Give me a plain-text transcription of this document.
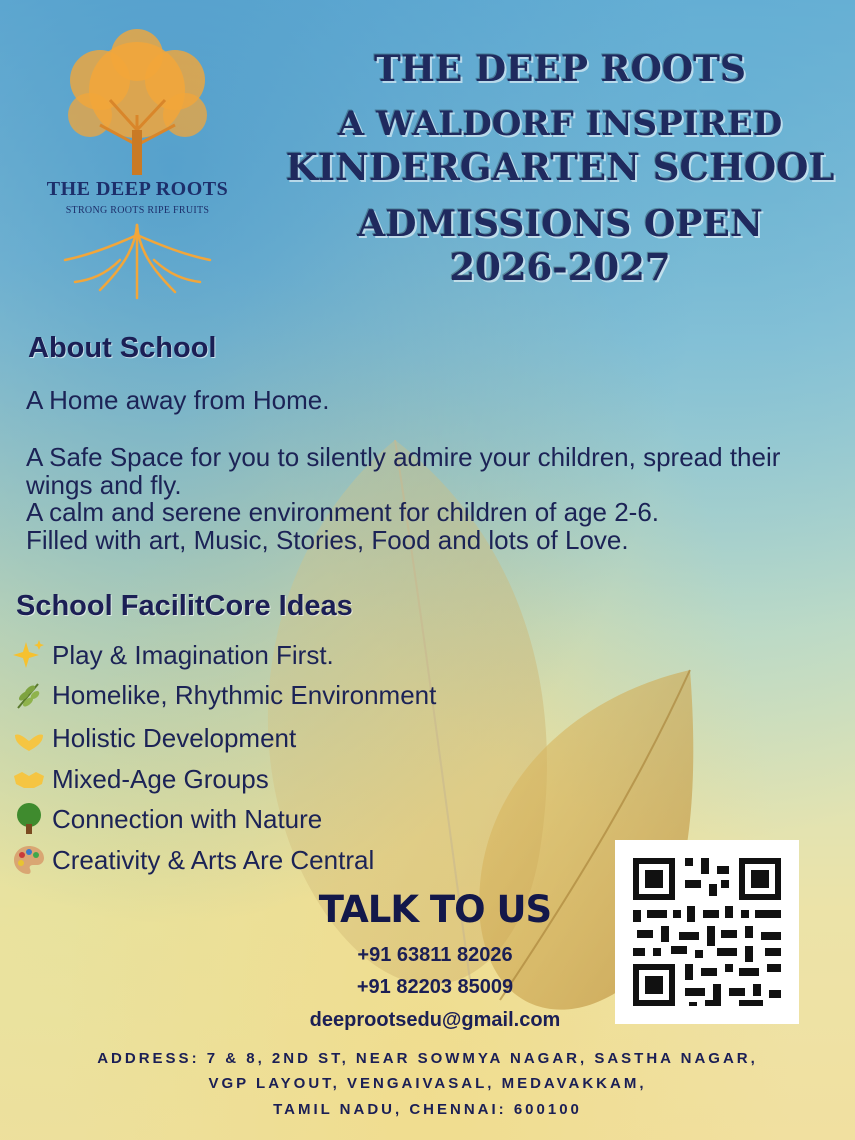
THE DEEP ROOTS
STRONG ROOTS RIPE FRUITS
THE DEEP ROOTS
A WALDORF INSPIRED
KINDERGARTEN SCHOOL
ADMISSIONS OPEN
2026-2027
About School
A Home away from Home.
A Safe Space for you to silently admire your children, spread their wings and fly.
A calm and serene environment for children of age 2-6.
Filled with art, Music, Stories, Food and lots of Love.
School FacilitCore Ideas
Play & Imagination First.
Homelike, Rhythmic Environment
Holistic Development
Mixed-Age Groups
Connection with Nature
Creativity & Arts Are Central
TALK TO US
+91 63811 82026
+91 82203 85009
deeprootsedu@gmail.com
ADDRESS: 7 & 8, 2ND ST, NEAR SOWMYA NAGAR, SASTHA NAGAR,
VGP LAYOUT, VENGAIVASAL, MEDAVAKKAM,
TAMIL NADU, CHENNAI: 600100
